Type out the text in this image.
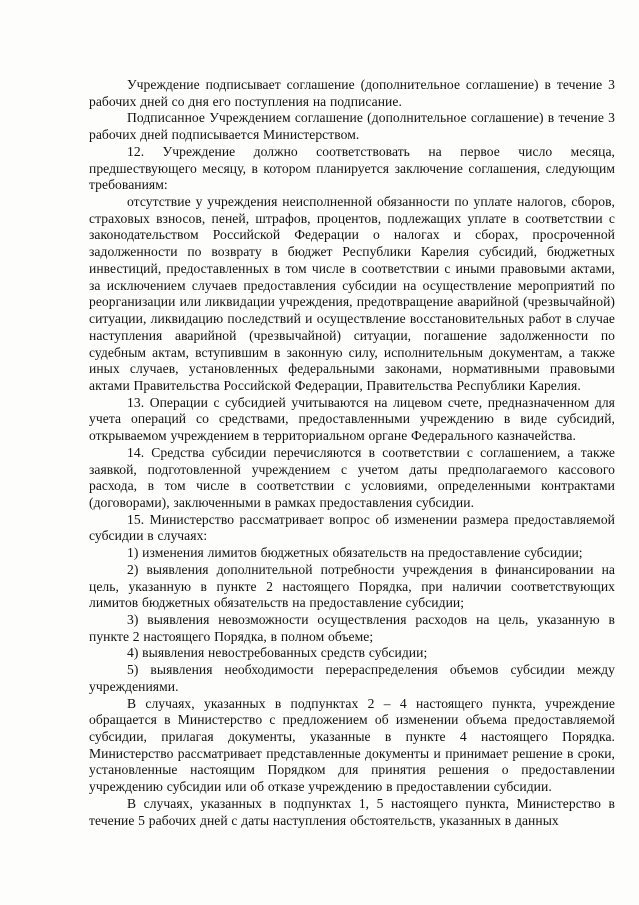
Учреждение подписывает соглашение (дополнительное соглашение) в течение 3 рабочих дней со дня его поступления на подписание.

Подписанное Учреждением соглашение (дополнительное соглашение) в течение 3 рабочих дней подписывается Министерством.

12. Учреждение должно соответствовать на первое число месяца, предшествующего месяцу, в котором планируется заключение соглашения, следующим требованиям:

отсутствие у учреждения неисполненной обязанности по уплате налогов, сборов, страховых взносов, пеней, штрафов, процентов, подлежащих уплате в соответствии с законодательством Российской Федерации о налогах и сборах, просроченной задолженности по возврату в бюджет Республики Карелия субсидий, бюджетных инвестиций, предоставленных в том числе в соответствии с иными правовыми актами, за исключением случаев предоставления субсидии на осуществление мероприятий по реорганизации или ликвидации учреждения, предотвращение аварийной (чрезвычайной) ситуации, ликвидацию последствий и осуществление восстановительных работ в случае наступления аварийной (чрезвычайной) ситуации, погашение задолженности по судебным актам, вступившим в законную силу, исполнительным документам, а также иных случаев, установленных федеральными законами, нормативными правовыми актами Правительства Российской Федерации, Правительства Республики Карелия.

13. Операции с субсидией учитываются на лицевом счете, предназначенном для учета операций со средствами, предоставленными учреждению в виде субсидий, открываемом учреждением в территориальном органе Федерального казначейства.

14. Средства субсидии перечисляются в соответствии с соглашением, а также заявкой, подготовленной учреждением с учетом даты предполагаемого кассового расхода, в том числе в соответствии с условиями, определенными контрактами (договорами), заключенными в рамках предоставления субсидии.

15. Министерство рассматривает вопрос об изменении размера предоставляемой субсидии в случаях:

1) изменения лимитов бюджетных обязательств на предоставление субсидии;

2) выявления дополнительной потребности учреждения в финансировании на цель, указанную в пункте 2 настоящего Порядка, при наличии соответствующих лимитов бюджетных обязательств на предоставление субсидии;

3) выявления невозможности осуществления расходов на цель, указанную в пункте 2 настоящего Порядка, в полном объеме;

4) выявления невостребованных средств субсидии;

5) выявления необходимости перераспределения объемов субсидии между учреждениями.

В случаях, указанных в подпунктах 2 – 4 настоящего пункта, учреждение обращается в Министерство с предложением об изменении объема предоставляемой субсидии, прилагая документы, указанные в пункте 4 настоящего Порядка. Министерство рассматривает представленные документы и принимает решение в сроки, установленные настоящим Порядком для принятия решения о предоставлении учреждению субсидии или об отказе учреждению в предоставлении субсидии.

В случаях, указанных в подпунктах 1, 5 настоящего пункта, Министерство в течение 5 рабочих дней с даты наступления обстоятельств, указанных в данных
